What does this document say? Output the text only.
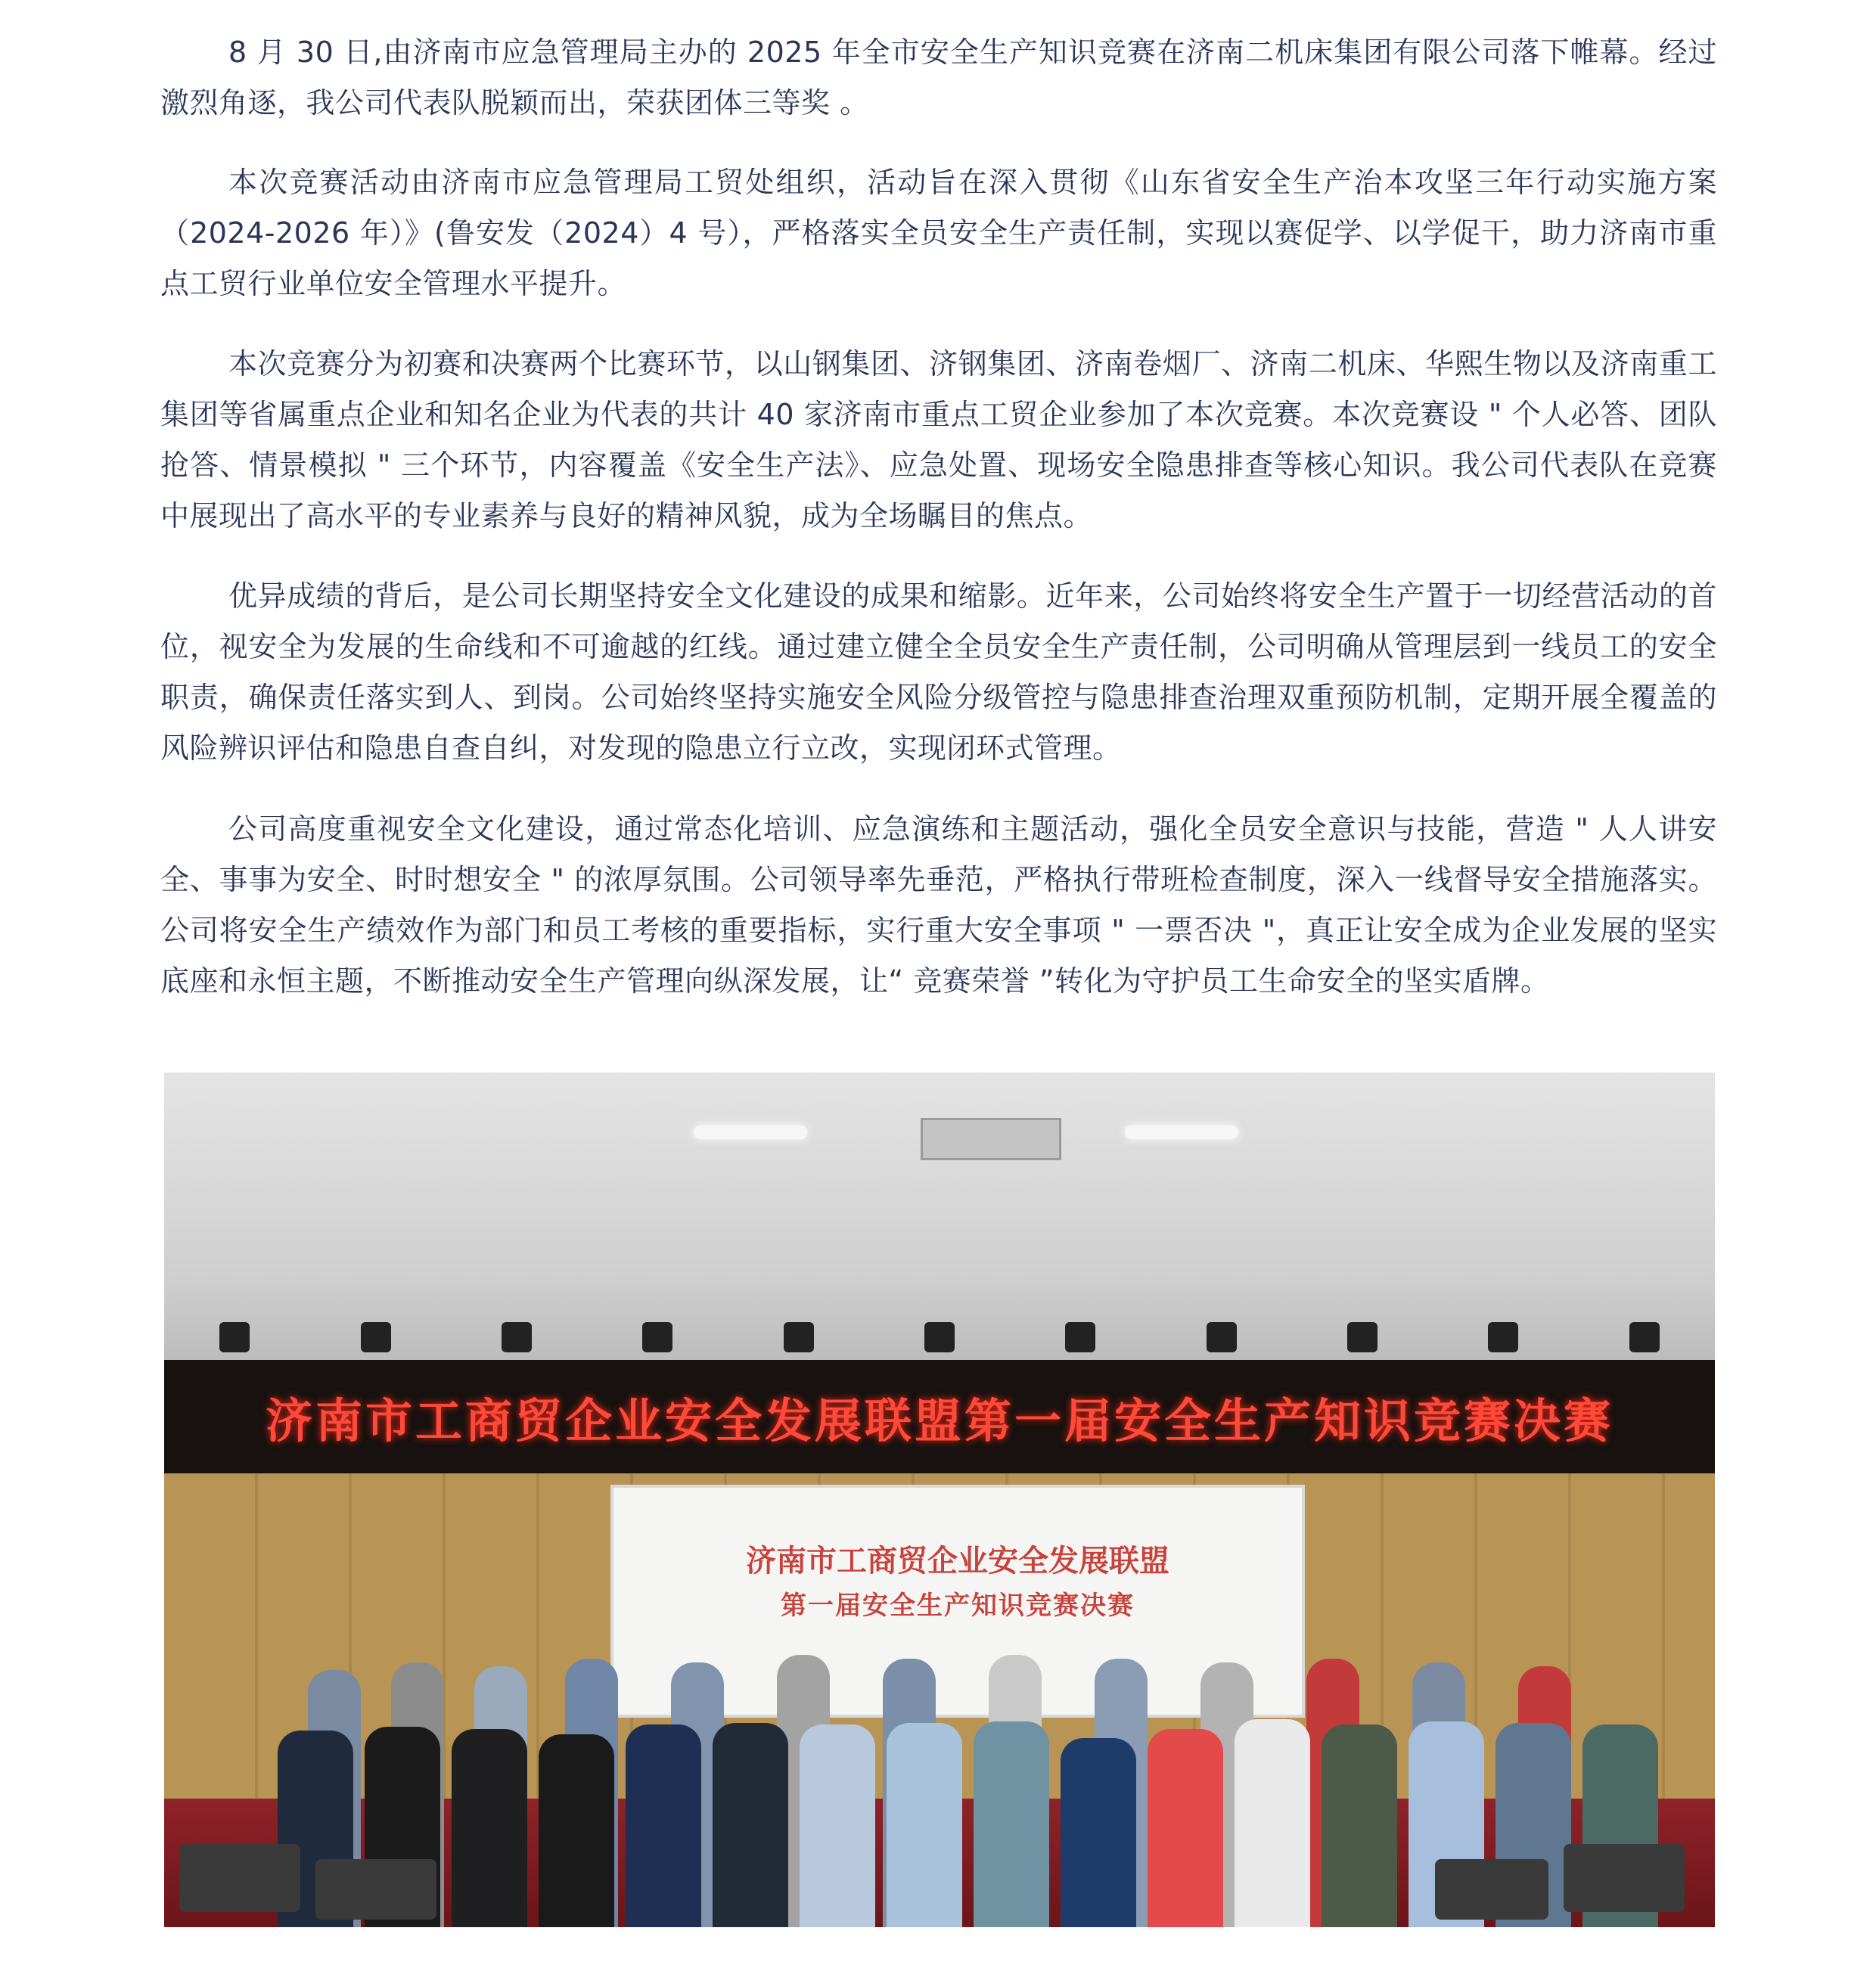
8 月 30 日,由济南市应急管理局主办的 2025 年全市安全生产知识竞赛在济南二机床集团有限公司落下帷幕。经过激烈角逐，我公司代表队脱颖而出，荣获团体三等奖 。

本次竞赛活动由济南市应急管理局工贸处组织，活动旨在深入贯彻《山东省安全生产治本攻坚三年行动实施方案（2024-2026 年）》(鲁安发（2024）4 号），严格落实全员安全生产责任制，实现以赛促学、以学促干，助力济南市重点工贸行业单位安全管理水平提升。

本次竞赛分为初赛和决赛两个比赛环节，以山钢集团、济钢集团、济南卷烟厂、济南二机床、华熙生物以及济南重工集团等省属重点企业和知名企业为代表的共计 40 家济南市重点工贸企业参加了本次竞赛。本次竞赛设 " 个人必答、团队抢答、情景模拟 " 三个环节，内容覆盖《安全生产法》、应急处置、现场安全隐患排查等核心知识。我公司代表队在竞赛中展现出了高水平的专业素养与良好的精神风貌，成为全场瞩目的焦点。

优异成绩的背后，是公司长期坚持安全文化建设的成果和缩影。近年来，公司始终将安全生产置于一切经营活动的首位，视安全为发展的生命线和不可逾越的红线。通过建立健全全员安全生产责任制，公司明确从管理层到一线员工的安全职责，确保责任落实到人、到岗。公司始终坚持实施安全风险分级管控与隐患排查治理双重预防机制，定期开展全覆盖的风险辨识评估和隐患自查自纠，对发现的隐患立行立改，实现闭环式管理。

公司高度重视安全文化建设，通过常态化培训、应急演练和主题活动，强化全员安全意识与技能，营造 " 人人讲安全、事事为安全、时时想安全 " 的浓厚氛围。公司领导率先垂范，严格执行带班检查制度，深入一线督导安全措施落实。公司将安全生产绩效作为部门和员工考核的重要指标，实行重大安全事项 " 一票否决 "，真正让安全成为企业发展的坚实底座和永恒主题，不断推动安全生产管理向纵深发展，让“ 竞赛荣誉 ”转化为守护员工生命安全的坚实盾牌。

济南市工商贸企业安全发展联盟第一届安全生产知识竞赛决赛
济南市工商贸企业安全发展联盟
第一届安全生产知识竞赛决赛
